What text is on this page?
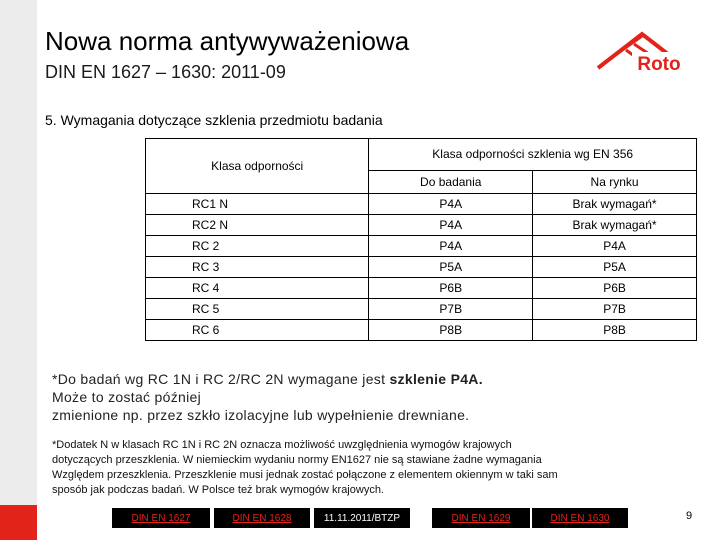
Nowa norma antywyważeniowa
DIN EN 1627 – 1630: 2011-09	Roto
5. Wymagania dotyczące szklenia przedmiotu badania
Klasa odporności	Klasa odporności szklenia wg EN 356	
	Do badania	Na rynku
RC1 N	P4A	Brak wymagań*
RC2 N	P4A	Brak wymagań*
RC 2	P4A	P4A
RC 3	P5A	P5A
RC 4	P6B	P6B
RC 5	P7B	P7B
RC 6	P8B	P8B
*Do badań wg RC 1N i RC 2/RC 2N wymagane jest szklenie P4A.
Może to zostać później
zmienione np. przez szkło izolacyjne lub wypełnienie drewniane.
*Dodatek N w klasach RC 1N i RC 2N oznacza możliwość uwzględnienia wymogów krajowych
dotyczących przeszklenia. W niemieckim wydaniu normy EN1627 nie są stawiane żadne wymagania
Względem przeszklenia. Przeszklenie musi jednak zostać połączone z elementem okiennym w taki sam
sposób jak podczas badań. W Polsce też brak wymogów krajowych.
DIN EN 1627	DIN EN 1628	11.11.2011/BTZP	DIN EN 1629	DIN EN 1630	9
